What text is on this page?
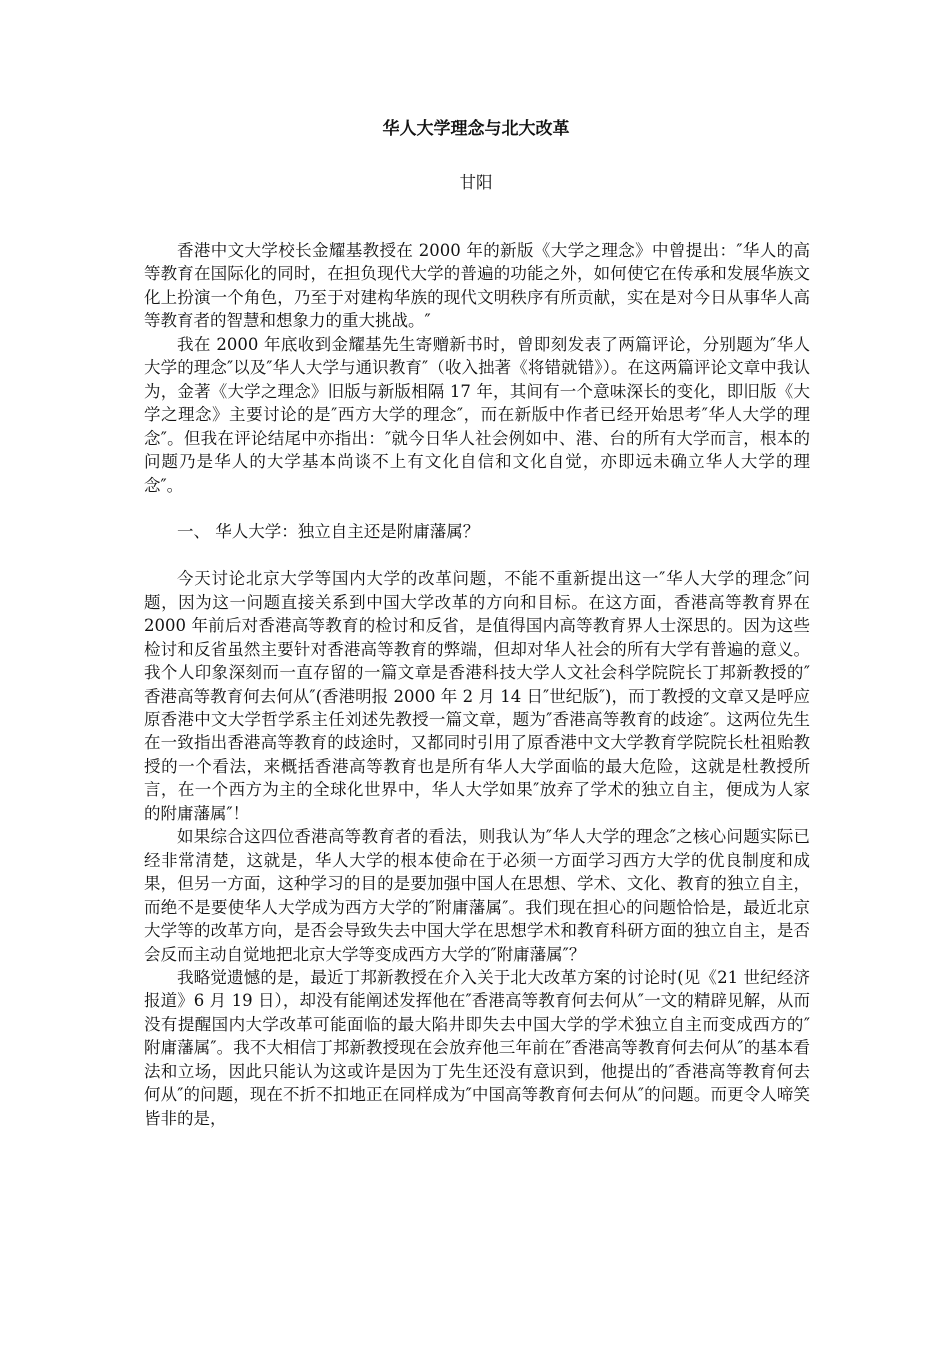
华人大学理念与北大改革
甘阳

香港中文大学校长金耀基教授在 2000 年的新版《大学之理念》中曾提出：″华人的高等教育在国际化的同时，在担负现代大学的普遍的功能之外，如何使它在传承和发展华族文化上扮演一个角色，乃至于对建构华族的现代文明秩序有所贡献，实在是对今日从事华人高等教育者的智慧和想象力的重大挑战。″

我在 2000 年底收到金耀基先生寄赠新书时，曾即刻发表了两篇评论，分别题为″华人大学的理念″以及″华人大学与通识教育″（收入拙著《将错就错》）。在这两篇评论文章中我认为，金著《大学之理念》旧版与新版相隔 17 年，其间有一个意味深长的变化，即旧版《大学之理念》主要讨论的是″西方大学的理念″，而在新版中作者已经开始思考″华人大学的理念″。但我在评论结尾中亦指出：″就今日华人社会例如中、港、台的所有大学而言，根本的问题乃是华人的大学基本尚谈不上有文化自信和文化自觉，亦即远未确立华人大学的理念″。

一、 华人大学：独立自主还是附庸藩属？

今天讨论北京大学等国内大学的改革问题，不能不重新提出这一″华人大学的理念″问题，因为这一问题直接关系到中国大学改革的方向和目标。在这方面，香港高等教育界在 2000 年前后对香港高等教育的检讨和反省，是值得国内高等教育界人士深思的。因为这些检讨和反省虽然主要针对香港高等教育的弊端，但却对华人社会的所有大学有普遍的意义。我个人印象深刻而一直存留的一篇文章是香港科技大学人文社会科学院院长丁邦新教授的″香港高等教育何去何从″(香港明报 2000 年 2 月 14 日″世纪版″)，而丁教授的文章又是呼应原香港中文大学哲学系主任刘述先教授一篇文章，题为″香港高等教育的歧途″。这两位先生在一致指出香港高等教育的歧途时，又都同时引用了原香港中文大学教育学院院长杜祖贻教授的一个看法，来概括香港高等教育也是所有华人大学面临的最大危险，这就是杜教授所言，在一个西方为主的全球化世界中，华人大学如果″放弃了学术的独立自主，便成为人家的附庸藩属″！

如果综合这四位香港高等教育者的看法，则我认为″华人大学的理念″之核心问题实际已经非常清楚，这就是，华人大学的根本使命在于必须一方面学习西方大学的优良制度和成果，但另一方面，这种学习的目的是要加强中国人在思想、学术、文化、教育的独立自主，而绝不是要使华人大学成为西方大学的″附庸藩属″。我们现在担心的问题恰恰是，最近北京大学等的改革方向，是否会导致失去中国大学在思想学术和教育科研方面的独立自主，是否会反而主动自觉地把北京大学等变成西方大学的″附庸藩属″？

我略觉遗憾的是，最近丁邦新教授在介入关于北大改革方案的讨论时(见《21 世纪经济报道》6 月 19 日），却没有能阐述发挥他在″香港高等教育何去何从″一文的精辟见解，从而没有提醒国内大学改革可能面临的最大陷井即失去中国大学的学术独立自主而变成西方的″附庸藩属″。我不大相信丁邦新教授现在会放弃他三年前在″香港高等教育何去何从″的基本看法和立场，因此只能认为这或许是因为丁先生还没有意识到，他提出的″香港高等教育何去何从″的问题，现在不折不扣地正在同样成为″中国高等教育何去何从″的问题。而更令人啼笑皆非的是，
